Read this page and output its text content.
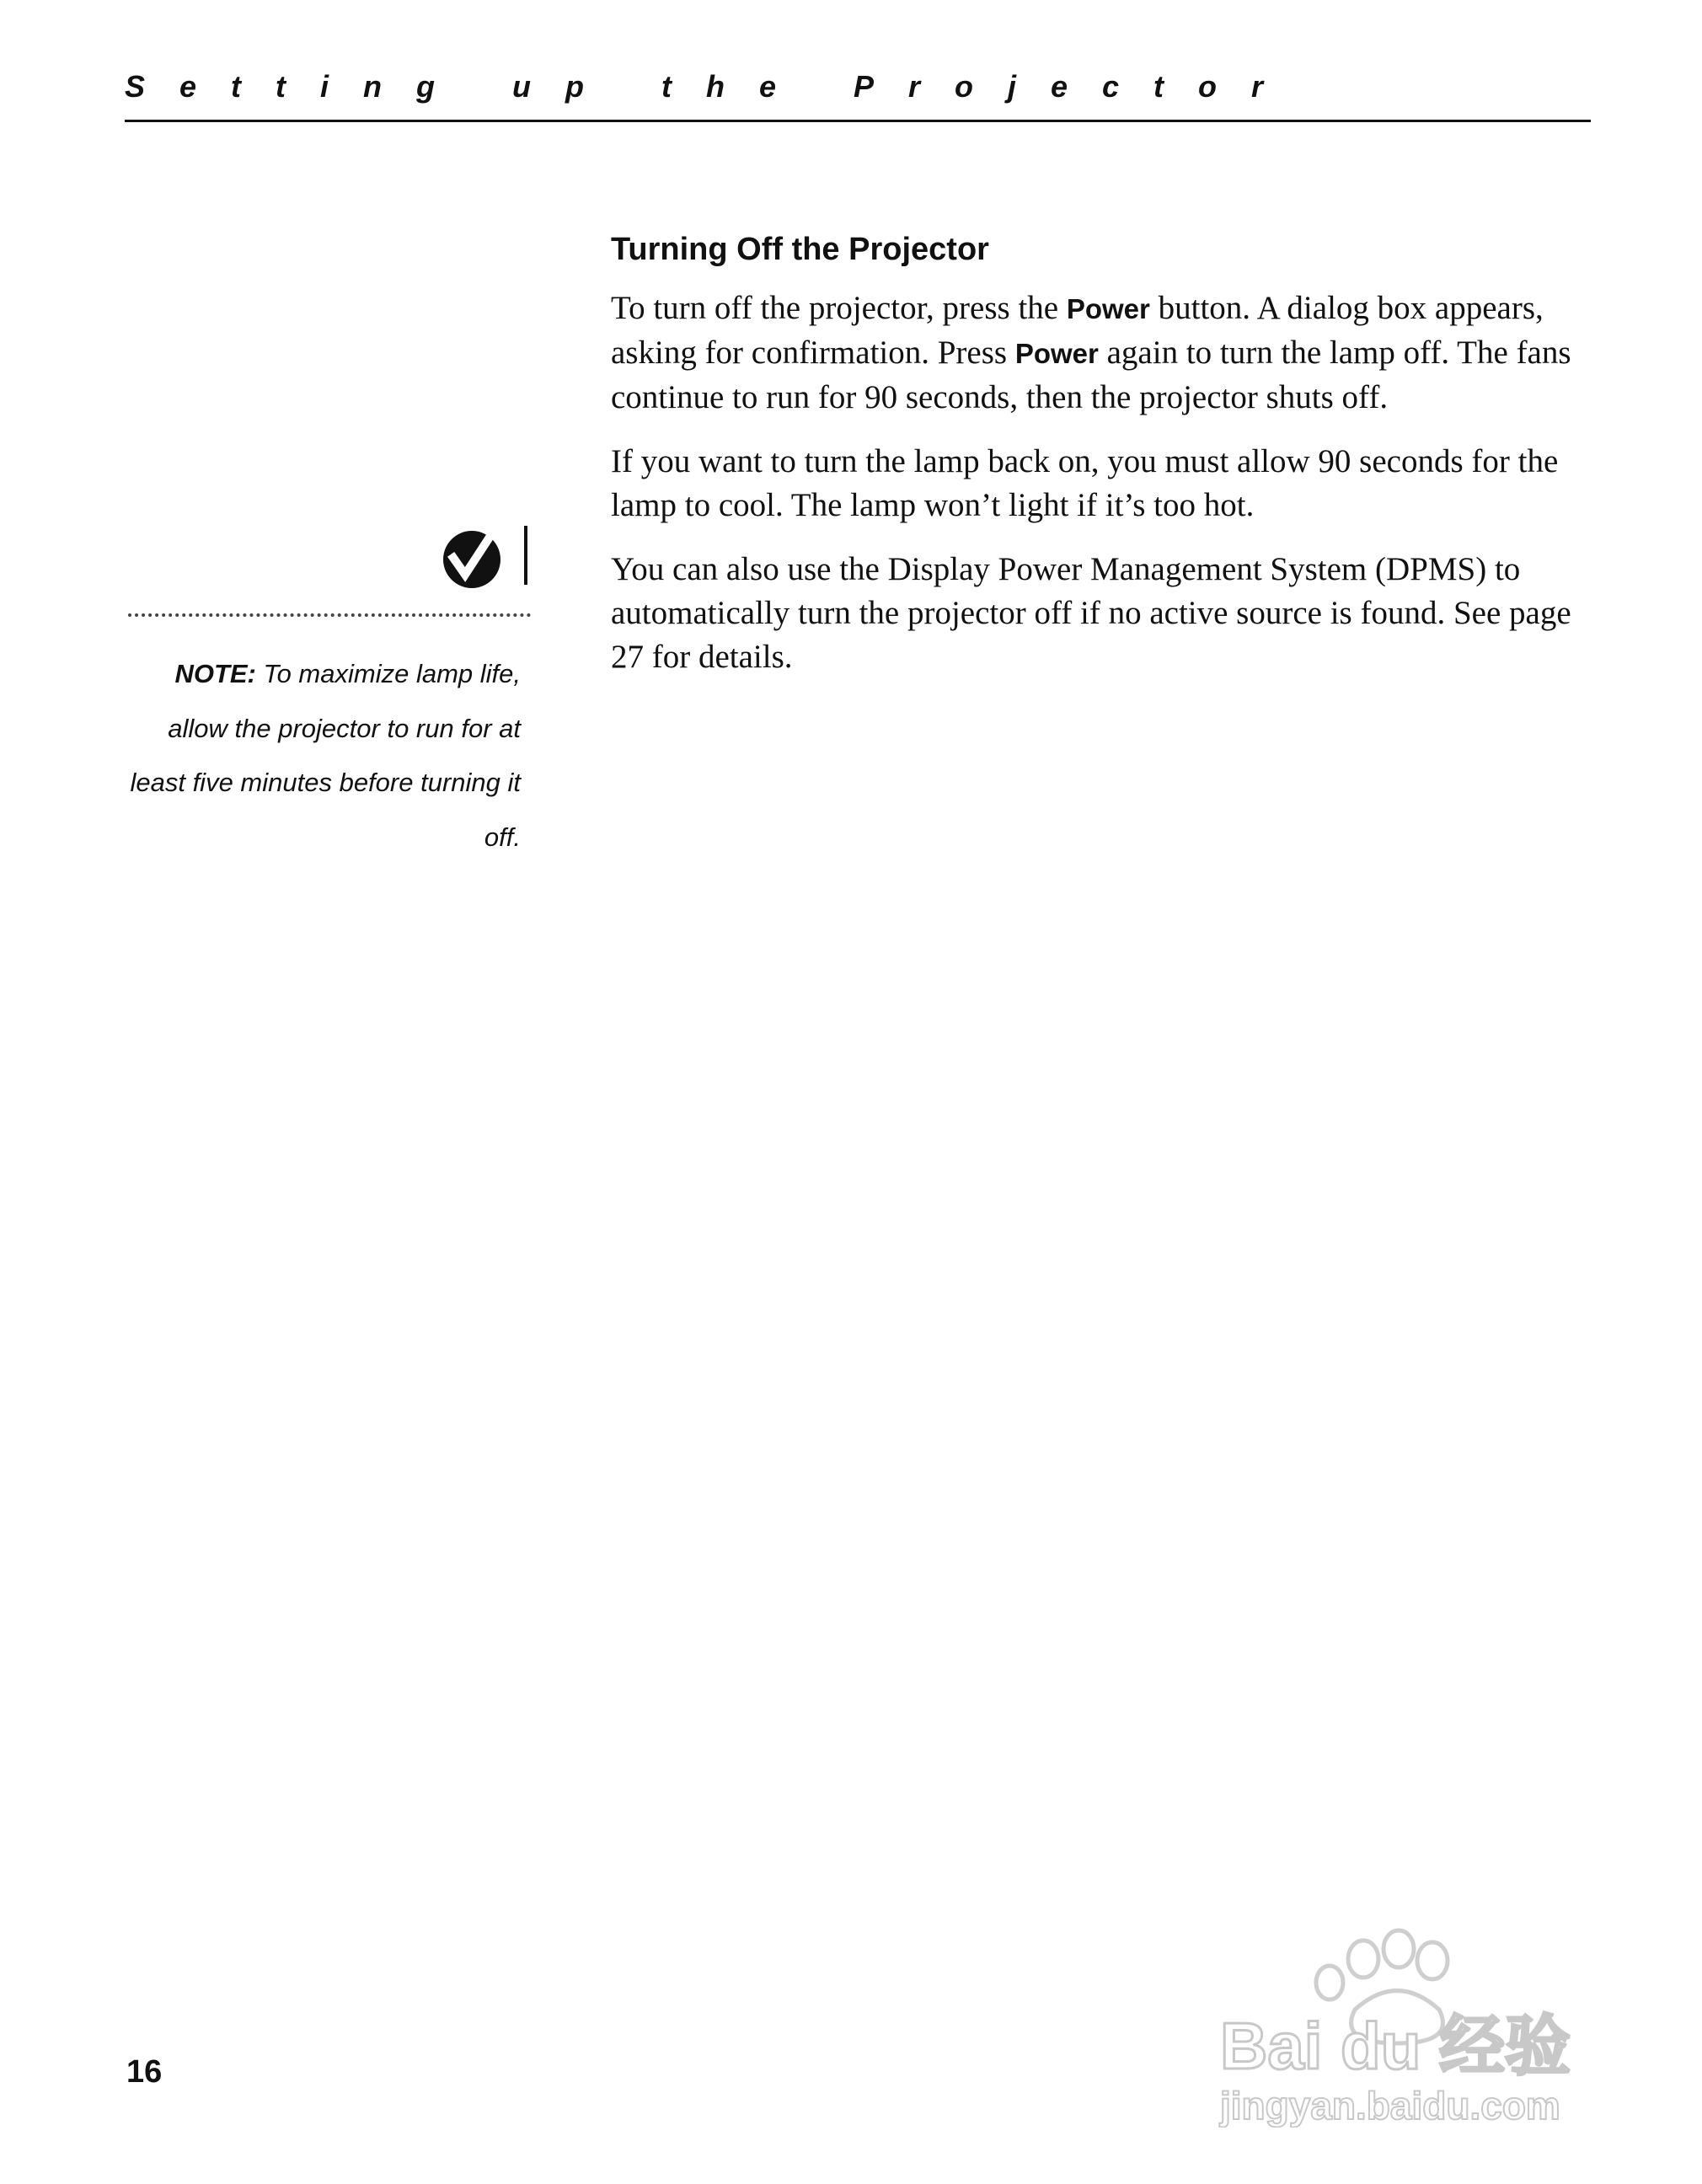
Setting up the Projector
Turning Off the Projector

To turn off the projector, press the Power button. A dialog box appears, asking for confirmation. Press Power again to turn the lamp off. The fans continue to run for 90 seconds, then the projector shuts off.

If you want to turn the lamp back on, you must allow 90 seconds for the lamp to cool. The lamp won’t light if it’s too hot.

You can also use the Display Power Management System (DPMS) to automatically turn the projector off if no active source is found. See page 27 for details.

NOTE: To maximize lamp life, allow the projector to run for at least five minutes before turning it off.
16	Bai du 经验
jingyan.baidu.com
